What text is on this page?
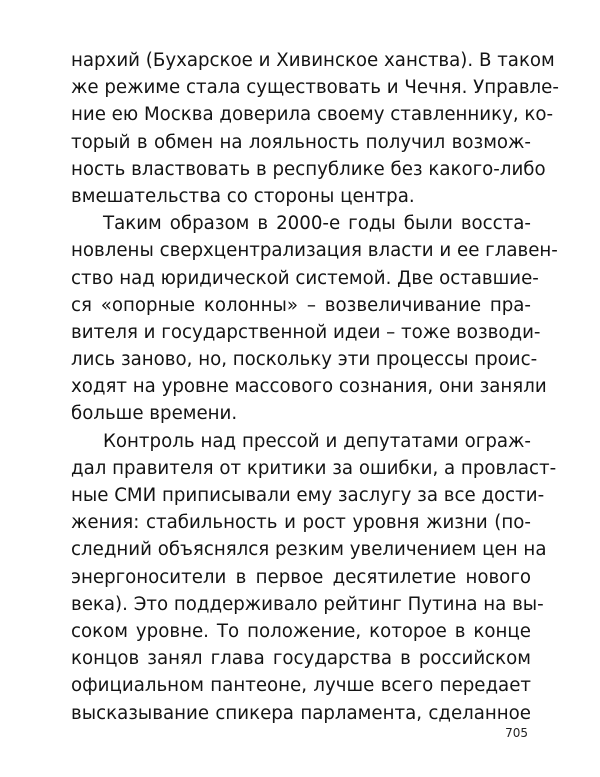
нархий (Бухарское и Хивинское ханства). В таком
же режиме стала существовать и Чечня. Управле-
ние ею Москва доверила своему ставленнику, ко-
торый в обмен на лояльность получил возмож-
ность властвовать в республике без какого-либо
вмешательства со стороны центра.
Таким образом в 2000-е годы были восста-
новлены сверхцентрализация власти и ее главен-
ство над юридической системой. Две оставшие-
ся «опорные колонны» – возвеличивание пра-
вителя и государственной идеи – тоже возводи-
лись заново, но, поскольку эти процессы проис-
ходят на уровне массового сознания, они заняли
больше времени.
Контроль над прессой и депутатами ограж-
дал правителя от критики за ошибки, а провласт-
ные СМИ приписывали ему заслугу за все дости-
жения: стабильность и рост уровня жизни (по-
следний объяснялся резким увеличением цен на
энергоносители в первое десятилетие нового
века). Это поддерживало рейтинг Путина на вы-
соком уровне. То положение, которое в конце
концов занял глава государства в российском
официальном пантеоне, лучше всего передает
высказывание спикера парламента, сделанное
705
